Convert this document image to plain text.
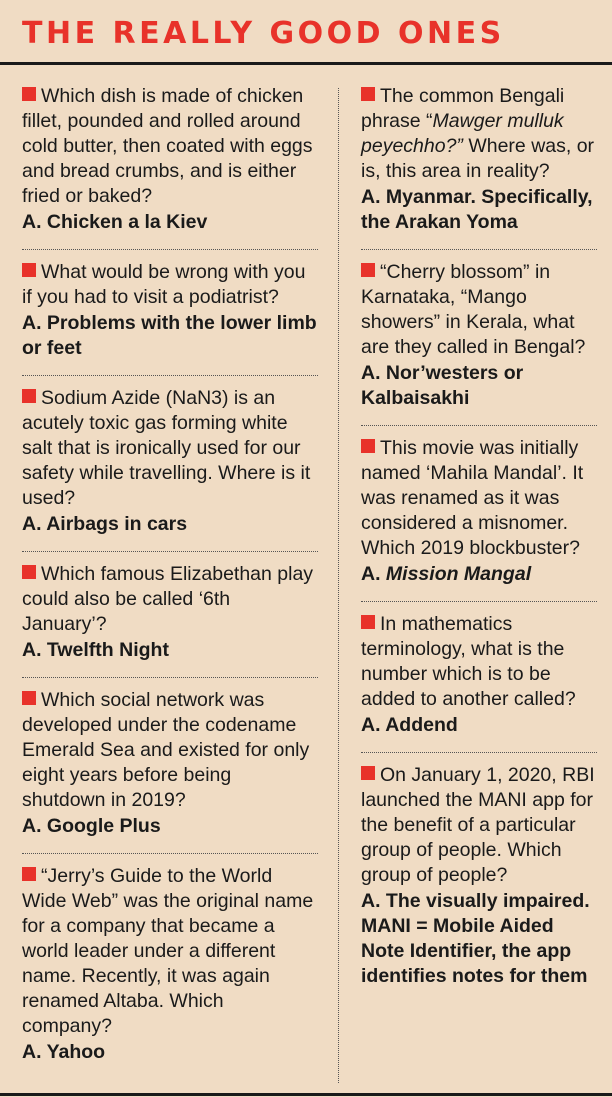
THE REALLY GOOD ONES

Which dish is made of chicken fillet, pounded and rolled around cold butter, then coated with eggs and bread crumbs, and is either fried or baked?

A. Chicken a la Kiev

What would be wrong with you if you had to visit a podiatrist?

A. Problems with the lower limb or feet

Sodium Azide (NaN3) is an acutely toxic gas forming white salt that is ironically used for our safety while travelling. Where is it used?

A. Airbags in cars

Which famous Elizabethan play could also be called ‘6th January’?

A. Twelfth Night

Which social network was developed under the codename Emerald Sea and existed for only eight years before being shutdown in 2019?

A. Google Plus

“Jerry’s Guide to the World Wide Web” was the original name for a company that became a world leader under a different name. Recently, it was again renamed Altaba. Which company?

A. Yahoo

The common Bengali phrase “Mawger mulluk peyechho?” Where was, or is, this area in reality?

A. Myanmar. Specifically, the Arakan Yoma

“Cherry blossom” in Karnataka, “Mango showers” in Kerala, what are they called in Bengal?

A. Nor’westers or Kalbaisakhi

This movie was initially named ‘Mahila Mandal’. It was renamed as it was considered a misnomer. Which 2019 blockbuster?

A. Mission Mangal

In mathematics terminology, what is the number which is to be added to another called?

A. Addend

On January 1, 2020, RBI launched the MANI app for the benefit of a particular group of people. Which group of people?

A. The visually impaired. MANI = Mobile Aided Note Identifier, the app identifies notes for them
